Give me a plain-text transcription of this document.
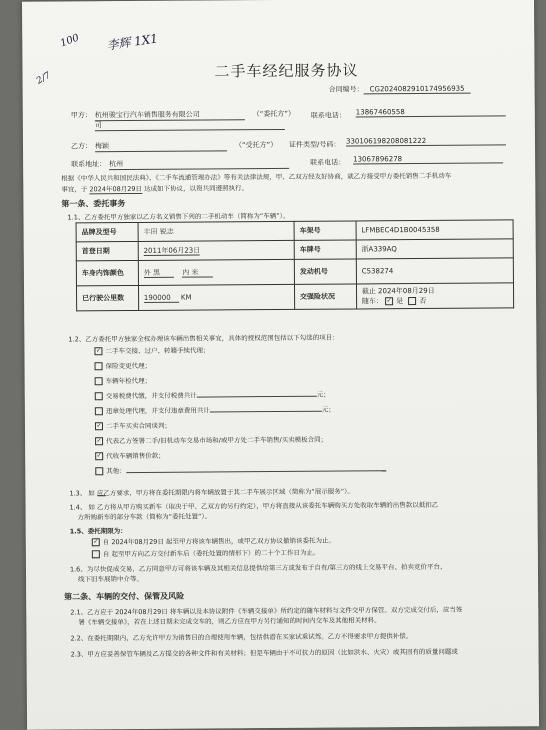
100 李辉 1X1
2/7	二手车经纪服务协议
合同编号： CG20240829101749569​35
甲方： 杭州骏宝行汽车销售服务有限公司
司
（“委托方”） 联系电话： 13867460558
乙方： 梅颖	（“受托方”） 证件类型/号码： 330106198208081222
联系地址： 杭州	联系电话： 13067896278
根据《中华人民共和国民法典》、《二手车流通管理办法》等有关法律法规，甲、乙双方经友好协商，就乙方接受甲方委托销售二手机动车
事宜，于 2024年08月29日 达成如下协议，以资共同遵照执行。
第一条、委托事务
1.1、乙方委托甲方独家以乙方名义销售下列的二手机动车（简称为“车辆”）。
品牌及型号	丰田 锐志	车架号	LFMBEC4D1B0045358
首登日期	2011年06月23日	车牌号	浙A339AQ
车身内饰颜色	外 黑 内 米	发动机号	C538274
已行驶公里数	190000 KM	交强险状况	截止 2024年08月29日
随车： ✓ 是 否
1.2、乙方委托甲方独家全权办理该车辆出售相关事宜，具体的授权范围包括以下勾选的项目：
✓ 二手车交接、过户、转籍手续代理；
保险变更代理；
车辆年检代理；
交易税费代缴，并支付税费共计	元；
违章处理代理，并支付违章费用共计	元；
✓ 二手车买卖合同谈判；
✓ 代表乙方签署二手/旧机动车交易市场和/或甲方处二手车销售/买卖模板合同；
✓ 代收车辆销售价款；
其他：
1.3、 如 应乙方要求，甲方将在委托期限内将车辆放置于其二手车展示区域（简称为“展示服务”）。
1.4、 如 乙方将从甲方购买新车（取决于甲、乙双方的另行约定），甲方将直接从该委托车辆购买方处收取车辆的出售款以抵扣乙
方所购新车的部分车款（简称为“委托处置”）。
1.5、委托期限为：
✓ 自 2024年08月29日 起至甲方将该车辆售出，或甲乙双方协议撤销该委托为止。
自 起至甲方向乙方交付新车后（委托处置的情形下）的二十个工作日为止。
1.6、为尽快促成交易，乙方同意甲方可将该车辆及其相关信息提供给第三方或发布于自有/第三方的线上交易平台、拍卖竞价平台、
线下旧车展销中介等。
第二条、车辆的交付、保管及风险
2.1、乙方应于 2024年08月29日 将车辆以及本协议附件《车辆交接单》所约定的随车材料与文件交甲方保管。双方完成交付后，应当签
署《车辆交接单》，若在上述日期未完成交车的，则乙方应在甲方另行通知的时间内交车及其他相关材料。
2.2、在委托期限内，乙方允许甲方为销售目的合理使用车辆，包括供潜在买家试乘试驾。乙方不得要求甲方提供补偿。
2.3、甲方应妥善保管车辆及乙方提交的各种文件和有关材料；但是车辆由于不可抗力的原因（比如洪水、火灾）或其固有的质量问题或
